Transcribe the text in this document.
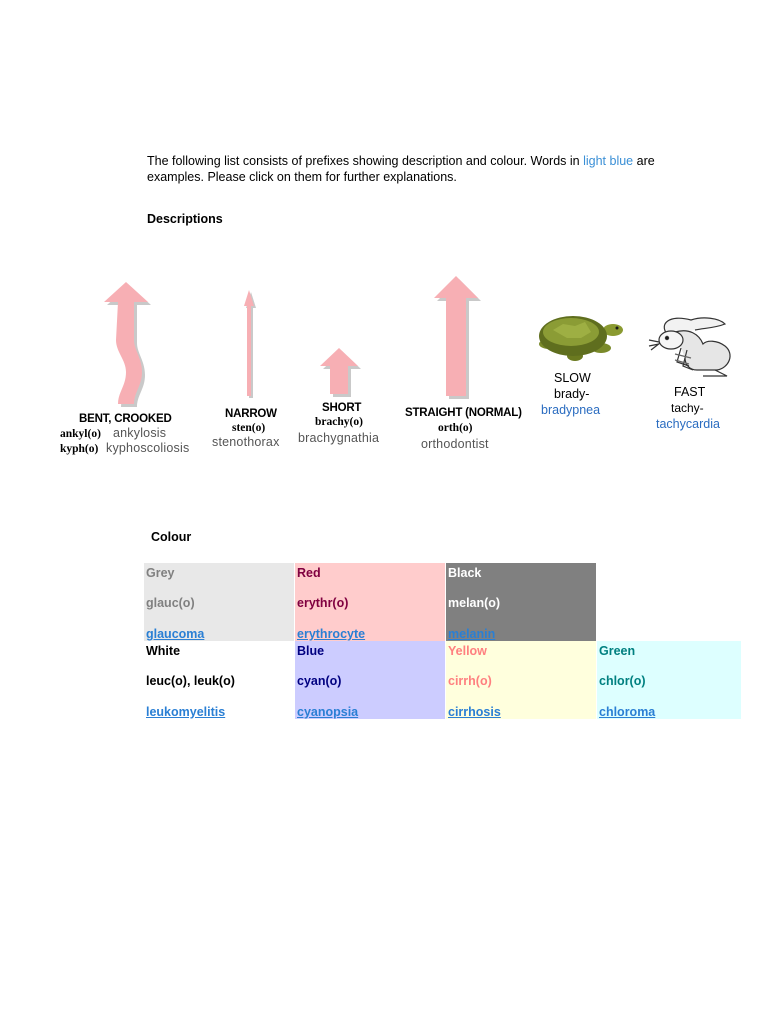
The following list consists of prefixes showing description and colour. Words in light blue are examples. Please click on them for further explanations.
Descriptions
BENT, CROOKED
ankyl(o) ankylosis
kyph(o) kyphoscoliosis
NARROW
sten(o)
stenothorax
SHORT
brachy(o)
brachygnathia
STRAIGHT (NORMAL)
orth(o)
orthodontist
SLOW
brady-
bradypnea
FAST
tachy-
tachycardia
Colour
Grey
glauc(o)
glaucoma
Red
erythr(o)
erythrocyte
Black
melan(o)
melanin
White
leuc(o), leuk(o)
leukomyelitis
Blue
cyan(o)
cyanopsia
Yellow
cirrh(o)
cirrhosis
Green
chlor(o)
chloroma
